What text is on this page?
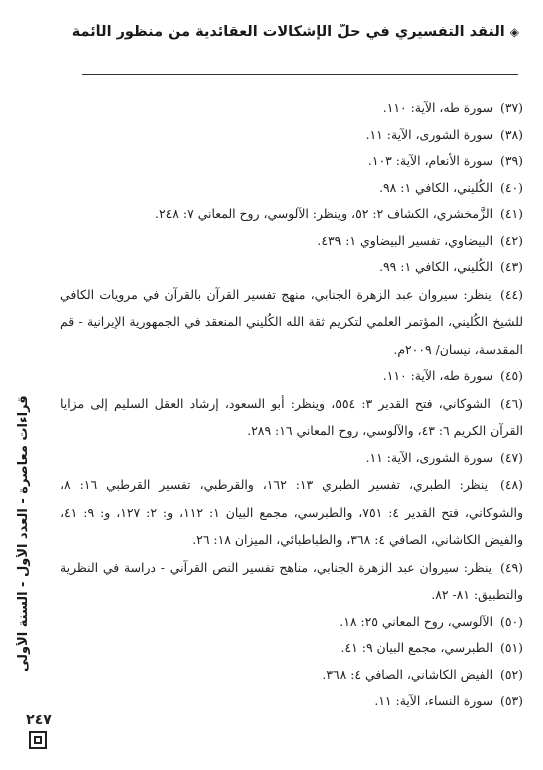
◈النقد التفسيري في حلّ الإشكالات العقائدية من منظور الأئمة

(٣٧) سورة طه، الآية: ١١٠.

(٣٨) سورة الشورى، الآية: ١١.

(٣٩) سورة الأنعام، الآية: ١٠٣.

(٤٠) الكُليني، الكافي ١: ٩٨.

(٤١) الزَّمخشري، الكشاف ٢: ٥٢، وينظر: الآلوسي، روح المعاني ٧: ٢٤٨.

(٤٢) البيضاوي، تفسير البيضاوي ١: ٤٣٩.

(٤٣) الكُليني، الكافي ١: ٩٩.

(٤٤) ينظر: سيروان عبد الزهرة الجنابي، منهج تفسير القرآن بالقرآن في مرويات الكافي للشيخ الكُليني، المؤتمر العلمي لتكريم ثقة الله الكُليني المنعقد في الجمهورية الإيرانية - قم المقدسة، نيسان/ ٢٠٠٩م.

(٤٥) سورة طه، الآية: ١١٠.

(٤٦) الشوكاني، فتح القدير ٣: ٥٥٤، وينظر: أبو السعود، إرشاد العقل السليم إلى مزايا القرآن الكريم ٦: ٤٣، والآلوسي، روح المعاني ١٦: ٢٨٩.

(٤٧) سورة الشورى، الآية: ١١.

(٤٨) ينظر: الطبري، تفسير الطبري ١٣: ١٦٢، والقرطبي، تفسير القرطبي ١٦: ٨، والشوكاني، فتح القدير ٤: ٧٥١، والطبرسي، مجمع البيان ١: ١١٢، و: ٢: ١٢٧، و: ٩: ٤١، والفيض الكاشاني، الصافي ٤: ٣٦٨، والطباطبائي، الميزان ١٨: ٢٦.

(٤٩) ينظر: سيروان عبد الزهرة الجنابي، مناهج تفسير النص القرآني - دراسة في النظرية والتطبيق: ٨١- ٨٢.

(٥٠) الآلوسي، روح المعاني ٢٥: ١٨.

(٥١) الطبرسي، مجمع البيان ٩: ٤١.

(٥٢) الفيض الكاشاني، الصافي ٤: ٣٦٨.

(٥٣) سورة النساء، الآية: ١١.

قراءات معاصرة - العدد الأول - السنة الأولى
٢٤٧
